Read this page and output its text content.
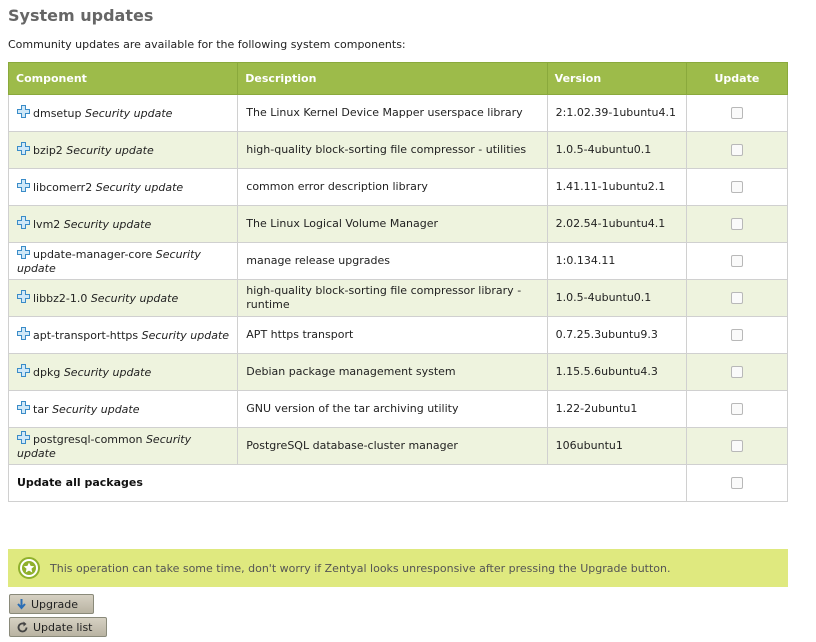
System updates
Community updates are available for the following system components:
Component	Description	Version	Update
dmsetup Security update	The Linux Kernel Device Mapper userspace library	2:1.02.39-1ubuntu4.1	
bzip2 Security update	high-quality block-sorting file compressor - utilities	1.0.5-4ubuntu0.1	
libcomerr2 Security update	common error description library	1.41.11-1ubuntu2.1	
lvm2 Security update	The Linux Logical Volume Manager	2.02.54-1ubuntu4.1	
update-manager-core Security update	manage release upgrades	1:0.134.11	
libbz2-1.0 Security update	high-quality block-sorting file compressor library - runtime	1.0.5-4ubuntu0.1	
apt-transport-https Security update	APT https transport	0.7.25.3ubuntu9.3	
dpkg Security update	Debian package management system	1.15.5.6ubuntu4.3	
tar Security update	GNU version of the tar archiving utility	1.22-2ubuntu1	
postgresql-common Security update	PostgreSQL database-cluster manager	106ubuntu1	
Update all packages			
This operation can take some time, don't worry if Zentyal looks unresponsive after pressing the Upgrade button.
Upgrade
Update list
